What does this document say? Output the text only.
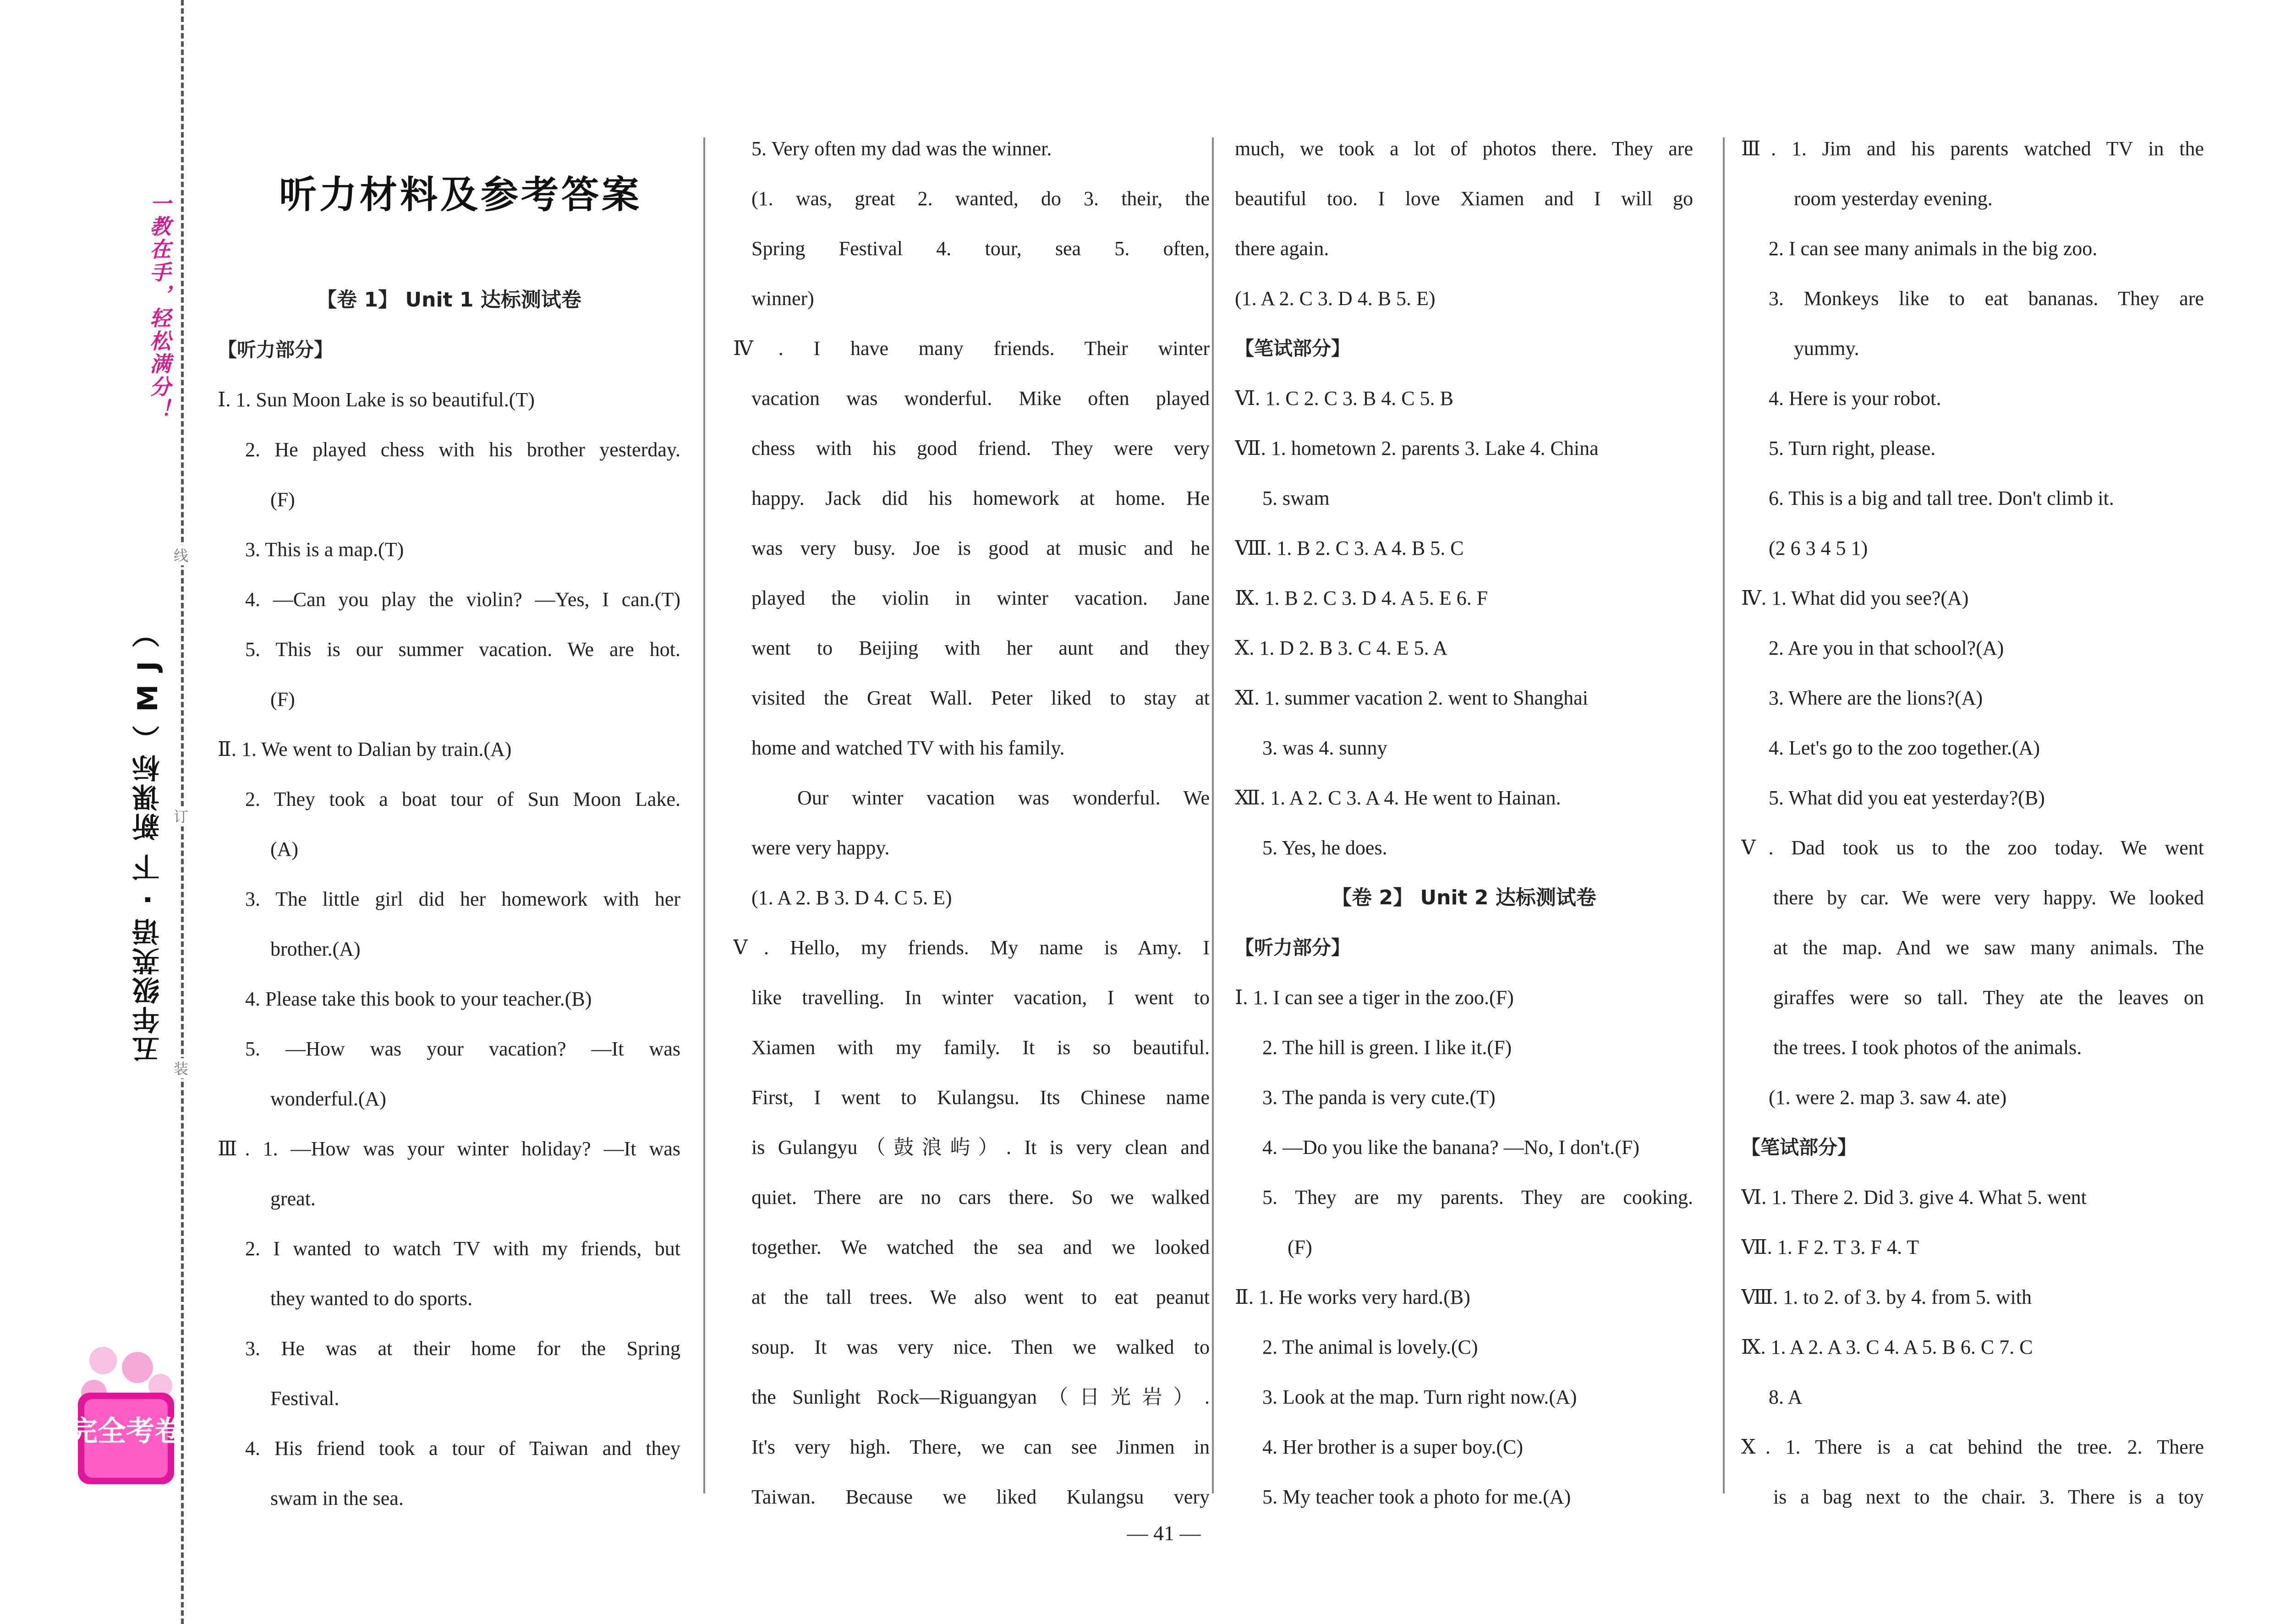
一教在手，轻松满分！
五年级英语 · 下 新课标（ M J ）
线
订
装
完全考卷
听力材料及参考答案
【卷 1】 Unit 1 达标测试卷
【听力部分】
Ⅰ. 1. Sun Moon Lake is so beautiful.(T)
2. He played chess with his brother yesterday.
(F)
3. This is a map.(T)
4. —Can you play the violin? —Yes, I can.(T)
5. This is our summer vacation. We are hot.
(F)
Ⅱ. 1. We went to Dalian by train.(A)
2. They took a boat tour of Sun Moon Lake.
(A)
3. The little girl did her homework with her
brother.(A)
4. Please take this book to your teacher.(B)
5. —How was your vacation? —It was
wonderful.(A)
Ⅲ. 1. —How was your winter holiday? —It was
great.
2. I wanted to watch TV with my friends, but
they wanted to do sports.
3. He was at their home for the Spring
Festival.
4. His friend took a tour of Taiwan and they
swam in the sea.
5. Very often my dad was the winner.
(1. was, great 2. wanted, do 3. their, the
Spring Festival 4. tour, sea 5. often,
winner)
Ⅳ. I have many friends. Their winter
vacation was wonderful. Mike often played
chess with his good friend. They were very
happy. Jack did his homework at home. He
was very busy. Joe is good at music and he
played the violin in winter vacation. Jane
went to Beijing with her aunt and they
visited the Great Wall. Peter liked to stay at
home and watched TV with his family.
Our winter vacation was wonderful. We
were very happy.
(1. A 2. B 3. D 4. C 5. E)
Ⅴ. Hello, my friends. My name is Amy. I
like travelling. In winter vacation, I went to
Xiamen with my family. It is so beautiful.
First, I went to Kulangsu. Its Chinese name
is Gulangyu（鼓浪屿）. It is very clean and
quiet. There are no cars there. So we walked
together. We watched the sea and we looked
at the tall trees. We also went to eat peanut
soup. It was very nice. Then we walked to
the Sunlight Rock—Riguangyan（日光岩）.
It's very high. There, we can see Jinmen in
Taiwan. Because we liked Kulangsu very
much, we took a lot of photos there. They are
beautiful too. I love Xiamen and I will go
there again.
(1. A 2. C 3. D 4. B 5. E)
【笔试部分】
Ⅵ. 1. C 2. C 3. B 4. C 5. B
Ⅶ. 1. hometown 2. parents 3. Lake 4. China
5. swam
Ⅷ. 1. B 2. C 3. A 4. B 5. C
Ⅸ. 1. B 2. C 3. D 4. A 5. E 6. F
Ⅹ. 1. D 2. B 3. C 4. E 5. A
Ⅺ. 1. summer vacation 2. went to Shanghai
3. was 4. sunny
Ⅻ. 1. A 2. C 3. A 4. He went to Hainan.
5. Yes, he does.
【卷 2】 Unit 2 达标测试卷
【听力部分】
Ⅰ. 1. I can see a tiger in the zoo.(F)
2. The hill is green. I like it.(F)
3. The panda is very cute.(T)
4. —Do you like the banana? —No, I don't.(F)
5. They are my parents. They are cooking.
(F)
Ⅱ. 1. He works very hard.(B)
2. The animal is lovely.(C)
3. Look at the map. Turn right now.(A)
4. Her brother is a super boy.(C)
5. My teacher took a photo for me.(A)
Ⅲ. 1. Jim and his parents watched TV in the
room yesterday evening.
2. I can see many animals in the big zoo.
3. Monkeys like to eat bananas. They are
yummy.
4. Here is your robot.
5. Turn right, please.
6. This is a big and tall tree. Don't climb it.
(2 6 3 4 5 1)
Ⅳ. 1. What did you see?(A)
2. Are you in that school?(A)
3. Where are the lions?(A)
4. Let's go to the zoo together.(A)
5. What did you eat yesterday?(B)
Ⅴ. Dad took us to the zoo today. We went
there by car. We were very happy. We looked
at the map. And we saw many animals. The
giraffes were so tall. They ate the leaves on
the trees. I took photos of the animals.
(1. were 2. map 3. saw 4. ate)
【笔试部分】
Ⅵ. 1. There 2. Did 3. give 4. What 5. went
Ⅶ. 1. F 2. T 3. F 4. T
Ⅷ. 1. to 2. of 3. by 4. from 5. with
Ⅸ. 1. A 2. A 3. C 4. A 5. B 6. C 7. C
8. A
Ⅹ. 1. There is a cat behind the tree. 2. There
is a bag next to the chair. 3. There is a toy
— 41 —
